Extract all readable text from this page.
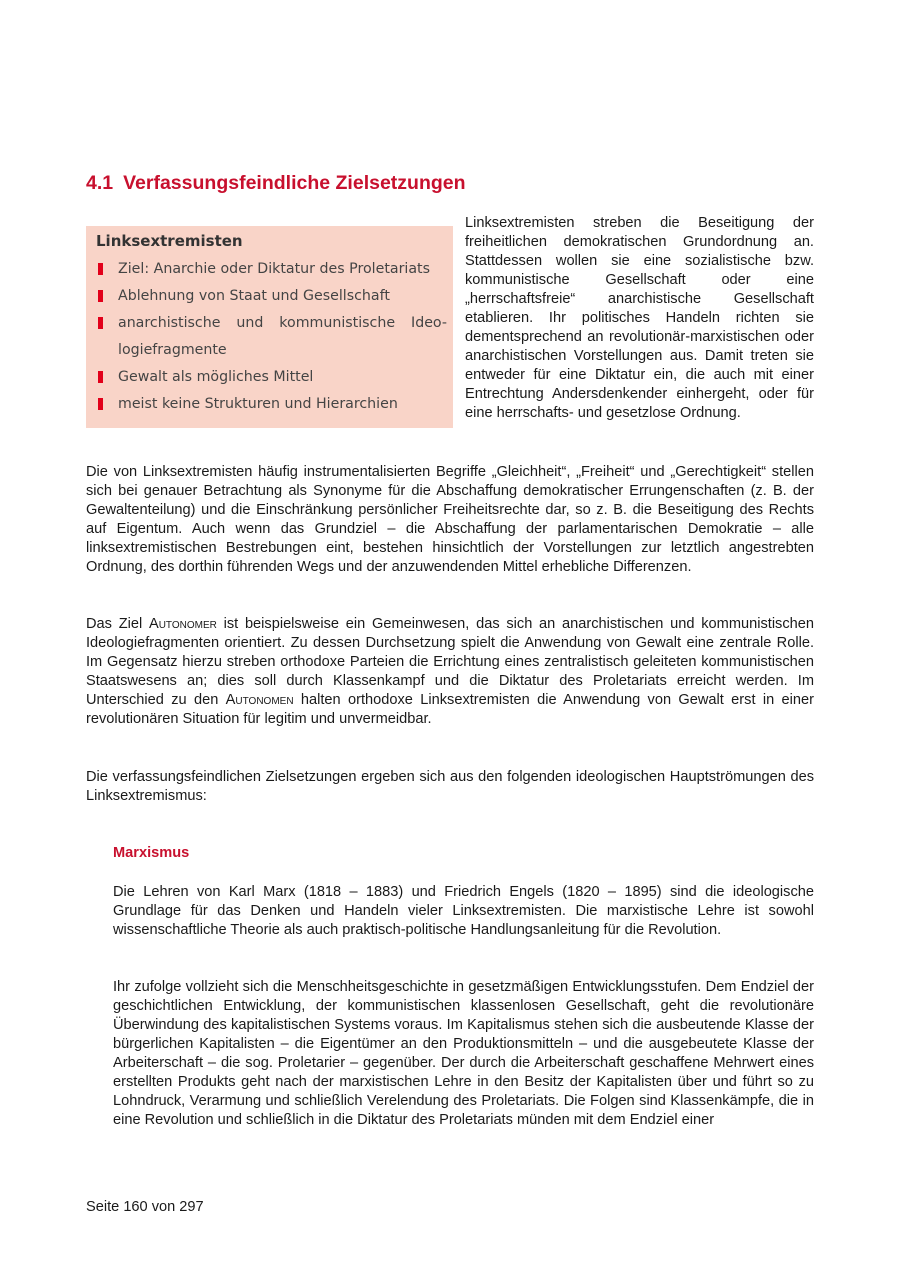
4.1 Verfassungsfeindliche Zielsetzungen
Linksextremisten
Ziel: Anarchie oder Diktatur des Proletariats
Ablehnung von Staat und Gesellschaft
anarchistische und kommunistische Ideo-
logiefragmente
Gewalt als mögliches Mittel
meist keine Strukturen und Hierarchien

Linksextremisten streben die Beseitigung der freiheitlichen demokratischen Grundordnung an. Stattdessen wollen sie eine sozialistische bzw. kommunistische Gesellschaft oder eine „herrschaftsfreie“ anarchistische Gesellschaft etablieren. Ihr politisches Handeln richten sie dementsprechend an revolutionär-marxistischen oder anarchistischen Vorstellungen aus. Damit treten sie entweder für eine Diktatur ein, die auch mit einer Entrechtung Andersdenkender einhergeht, oder für eine herrschafts- und gesetzlose Ordnung.

Die von Linksextremisten häufig instrumentalisierten Begriffe „Gleichheit“, „Freiheit“ und „Gerechtigkeit“ stellen sich bei genauer Betrachtung als Synonyme für die Abschaffung demokratischer Errungenschaften (z. B. der Gewaltenteilung) und die Einschränkung persönlicher Freiheitsrechte dar, so z. B. die Beseitigung des Rechts auf Eigentum. Auch wenn das Grundziel – die Abschaffung der parlamentarischen Demokratie – alle linksextremistischen Bestrebungen eint, bestehen hinsichtlich der Vorstellungen zur letztlich angestrebten Ordnung, des dorthin führenden Wegs und der anzuwendenden Mittel erhebliche Differenzen.

Das Ziel Autonomer ist beispielsweise ein Gemeinwesen, das sich an anarchistischen und kommunistischen Ideologiefragmenten orientiert. Zu dessen Durchsetzung spielt die Anwendung von Gewalt eine zentrale Rolle. Im Gegensatz hierzu streben orthodoxe Parteien die Errichtung eines zentralistisch geleiteten kommunistischen Staatswesens an; dies soll durch Klassenkampf und die Diktatur des Proletariats erreicht werden. Im Unterschied zu den Autonomen halten orthodoxe Linksextremisten die Anwendung von Gewalt erst in einer revolutionären Situation für legitim und unvermeidbar.

Die verfassungsfeindlichen Zielsetzungen ergeben sich aus den folgenden ideologischen Hauptströmungen des Linksextremismus:

Marxismus

Die Lehren von Karl Marx (1818 – 1883) und Friedrich Engels (1820 – 1895) sind die ideologische Grundlage für das Denken und Handeln vieler Linksextremisten. Die marxistische Lehre ist sowohl wissenschaftliche Theorie als auch praktisch-politische Handlungsanleitung für die Revolution.

Ihr zufolge vollzieht sich die Menschheitsgeschichte in gesetzmäßigen Entwicklungsstufen. Dem Endziel der geschichtlichen Entwicklung, der kommunistischen klassenlosen Gesellschaft, geht die revolutionäre Überwindung des kapitalistischen Systems voraus. Im Kapitalismus stehen sich die ausbeutende Klasse der bürgerlichen Kapitalisten – die Eigentümer an den Produktionsmitteln – und die ausgebeutete Klasse der Arbeiterschaft – die sog. Proletarier – gegenüber. Der durch die Arbeiterschaft geschaffene Mehrwert eines erstellten Produkts geht nach der marxistischen Lehre in den Besitz der Kapitalisten über und führt so zu Lohndruck, Verarmung und schließlich Verelendung des Proletariats. Die Folgen sind Klassenkämpfe, die in eine Revolution und schließlich in die Diktatur des Proletariats münden mit dem Endziel einer

Seite 160 von 297
